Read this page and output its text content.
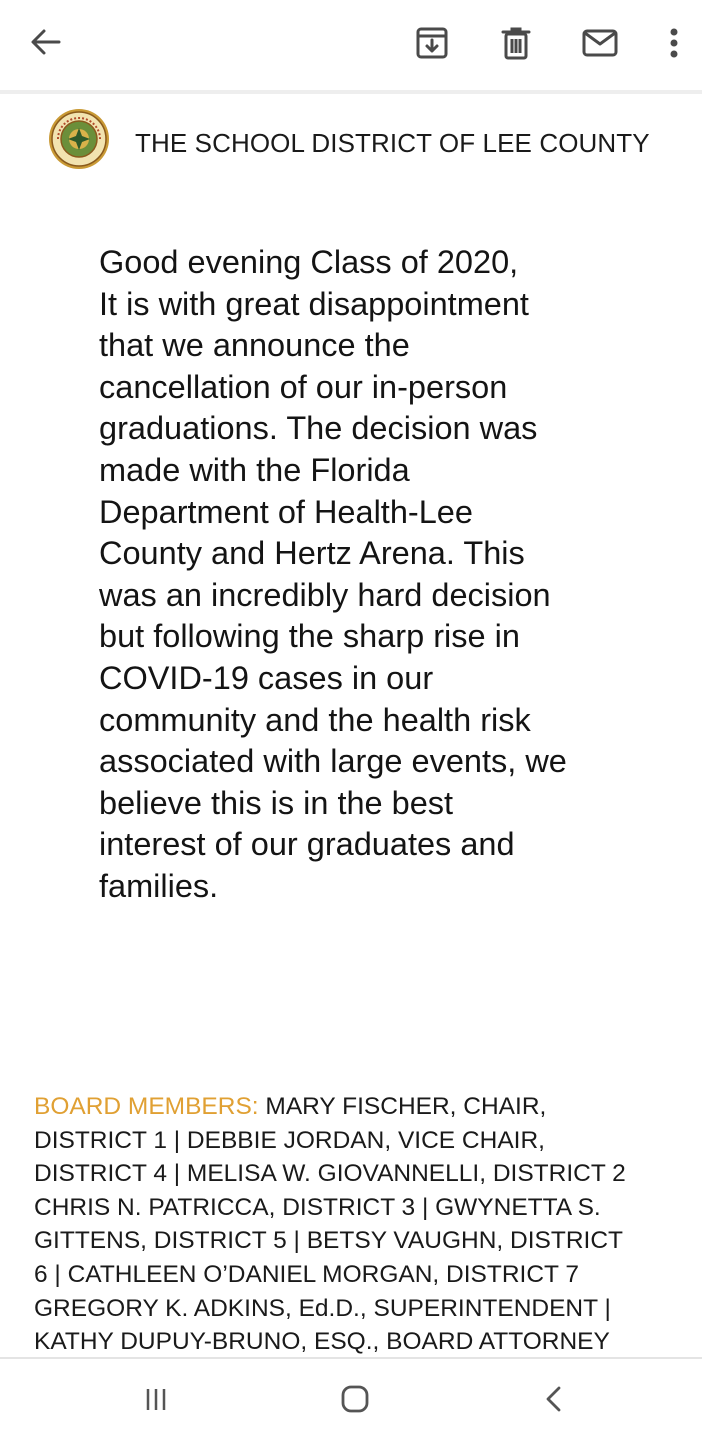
THE SCHOOL DISTRICT OF LEE COUNTY

Good evening Class of 2020,

It is with great disappointment

that we announce the

cancellation of our in-person

graduations. The decision was

made with the Florida

Department of Health-Lee

County and Hertz Arena. This

was an incredibly hard decision

but following the sharp rise in

COVID-19 cases in our

community and the health risk

associated with large events, we

believe this is in the best

interest of our graduates and

families.

BOARD MEMBERS: MARY FISCHER, CHAIR,
DISTRICT 1 | DEBBIE JORDAN, VICE CHAIR,
DISTRICT 4 | MELISA W. GIOVANNELLI, DISTRICT 2
CHRIS N. PATRICCA, DISTRICT 3 | GWYNETTA S.
GITTENS, DISTRICT 5 | BETSY VAUGHN, DISTRICT
6 | CATHLEEN O’DANIEL MORGAN, DISTRICT 7
GREGORY K. ADKINS, Ed.D., SUPERINTENDENT |
KATHY DUPUY-BRUNO, ESQ., BOARD ATTORNEY
